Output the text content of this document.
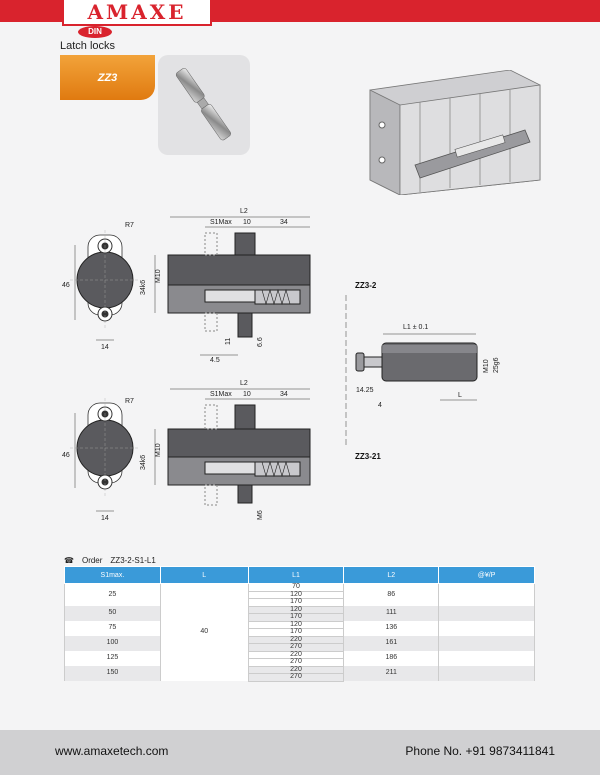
AMAXE
DIN
Latch locks
ZZ3
46
14
R7
L2
S1Max 10	34
34k6
M10
11	6.6
4.5
ZZ3-2
L1 ± 0.1
M10 25g6
14.25
L
4
46
14
R7
L2
S1Max 10	34
34k6
M10
M6
ZZ3-21
☎ Order ZZ3-2-S1-L1
S1max.	L	L1	L2	@¥/P
25	40	70	86	
		120		
		170		
50		120	111	
		170		
75		120	136	
		170		
100		220	161	
		270		
125		220	186	
		270		
150		220	211	
		270		
www.amaxetech.com	Phone No. +91 9873411841
